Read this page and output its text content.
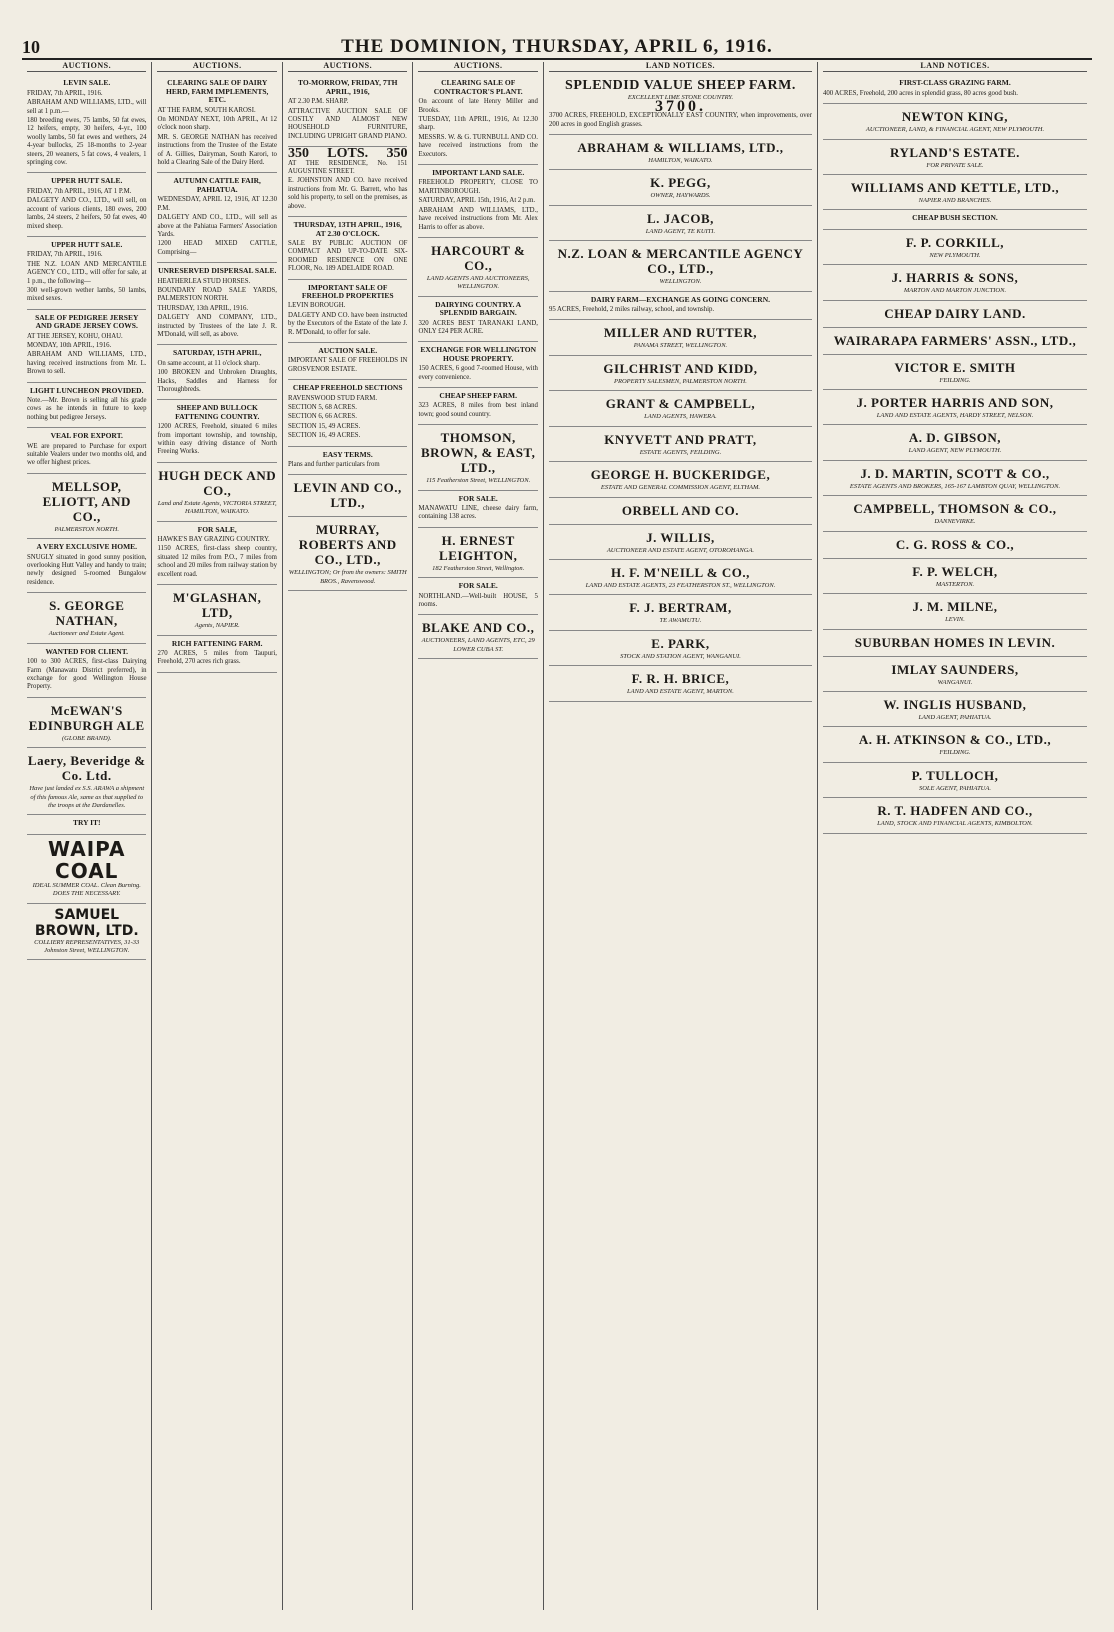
10	THE DOMINION, THURSDAY, APRIL 6, 1916.
AUCTIONS.
LEVIN SALE.
FRIDAY, 7th APRIL, 1916.
ABRAHAM AND WILLIAMS, LTD., will sell at 1 p.m.—
180 breeding ewes, 75 lambs, 50 fat ewes, 12 heifers, empty, 30 heifers, 4-yr., 100 woolly lambs, 50 fat ewes and wethers, 24 4-year bullocks, 25 18-months to 2-year steers, 20 weaners, 5 fat cows, 4 vealers, 1 springing cow.
UPPER HUTT SALE.
FRIDAY, 7th APRIL, 1916, AT 1 P.M.
DALGETY AND CO., LTD., will sell, on account of various clients, 180 ewes, 200 lambs, 24 steers, 2 heifers, 50 fat ewes, 40 mixed sheep.
UPPER HUTT SALE.
FRIDAY, 7th APRIL, 1916.
THE N.Z. LOAN AND MERCANTILE AGENCY CO., LTD., will offer for sale, at 1 p.m., the following—
300 well-grown wether lambs, 50 lambs, mixed sexes.
SALE OF PEDIGREE JERSEY AND GRADE JERSEY COWS.
AT THE JERSEY, KOHU, OHAU.
MONDAY, 10th APRIL, 1916.
ABRAHAM AND WILLIAMS, LTD., having received instructions from Mr. L. Brown to sell.
LIGHT LUNCHEON PROVIDED.
Note.—Mr. Brown is selling all his grade cows as he intends in future to keep nothing but pedigree Jerseys.
VEAL FOR EXPORT.
WE are prepared to Purchase for export suitable Vealers under two months old, and we offer highest prices.
MELLSOP, ELIOTT, AND CO.,
PALMERSTON NORTH.
A VERY EXCLUSIVE HOME.
SNUGLY situated in good sunny position, overlooking Hutt Valley and handy to train; newly designed 5-roomed Bungalow residence.
S. GEORGE NATHAN,
Auctioneer and Estate Agent.
WANTED FOR CLIENT.
100 to 300 ACRES, first-class Dairying Farm (Manawatu District preferred), in exchange for good Wellington House Property.
McEWAN'S EDINBURGH ALE
(GLOBE BRAND).
Laery, Beveridge & Co. Ltd.
Have just landed ex S.S. ARAWA a shipment of this famous Ale, same as that supplied to the troops at the Dardanelles.
TRY IT!
WAIPA COAL
IDEAL SUMMER COAL. Clean Burning. DOES THE NECESSARY.
SAMUEL BROWN, LTD.
COLLIERY REPRESENTATIVES, 31-33 Johnston Street, WELLINGTON.
AUCTIONS.
CLEARING SALE OF DAIRY HERD, FARM IMPLEMENTS, ETC.
AT THE FARM, SOUTH KAROSI.
On MONDAY NEXT, 10th APRIL, At 12 o'clock noon sharp.
MR. S. GEORGE NATHAN has received instructions from the Trustee of the Estate of A. Gillies, Dairyman, South Karori, to hold a Clearing Sale of the Dairy Herd.
AUTUMN CATTLE FAIR, PAHIATUA.
WEDNESDAY, APRIL 12, 1916, AT 12.30 P.M.
DALGETY AND CO., LTD., will sell as above at the Pahiatua Farmers' Association Yards.
1200 HEAD MIXED CATTLE, Comprising—
UNRESERVED DISPERSAL SALE.
HEATHERLEA STUD HORSES.
BOUNDARY ROAD SALE YARDS, PALMERSTON NORTH.
THURSDAY, 13th APRIL, 1916.
DALGETY AND COMPANY, LTD., instructed by Trustees of the late J. R. M'Donald, will sell, as above.
SATURDAY, 15TH APRIL,
On same account, at 11 o'clock sharp.
100 BROKEN and Unbroken Draughts, Hacks, Saddles and Harness for Thoroughbreds.
SHEEP AND BULLOCK FATTENING COUNTRY.
1200 ACRES, Freehold, situated 6 miles from important township, and township, within easy driving distance of North Freeing Works.
HUGH DECK AND CO.,
Land and Estate Agents, VICTORIA STREET, HAMILTON, WAIKATO.
FOR SALE,
HAWKE'S BAY GRAZING COUNTRY.
1150 ACRES, first-class sheep country, situated 12 miles from P.O., 7 miles from school and 20 miles from railway station by excellent road.
M'GLASHAN, LTD,
Agents, NAPIER.
RICH FATTENING FARM.
270 ACRES, 5 miles from Taupuri, Freehold, 270 acres rich grass.
AUCTIONS.
TO-MORROW, FRIDAY, 7TH APRIL, 1916,
AT 2.30 P.M. SHARP.
ATTRACTIVE AUCTION SALE OF COSTLY AND ALMOST NEW HOUSEHOLD FURNITURE, INCLUDING UPRIGHT GRAND PIANO.
350 LOTS. 350
AT THE RESIDENCE, No. 151 AUGUSTINE STREET.
E. JOHNSTON AND CO. have received instructions from Mr. G. Barrett, who has sold his property, to sell on the premises, as above.
THURSDAY, 13TH APRIL, 1916, AT 2.30 O'CLOCK.
SALE BY PUBLIC AUCTION OF COMPACT AND UP-TO-DATE SIX-ROOMED RESIDENCE ON ONE FLOOR, No. 189 ADELAIDE ROAD.
IMPORTANT SALE OF FREEHOLD PROPERTIES
LEVIN BOROUGH.
DALGETY AND CO. have been instructed by the Executors of the Estate of the late J. R. M'Donald, to offer for sale.
AUCTION SALE.
IMPORTANT SALE OF FREEHOLDS IN GROSVENOR ESTATE.
CHEAP FREEHOLD SECTIONS
RAVENSWOOD STUD FARM.
SECTION 5, 68 ACRES.
SECTION 6, 66 ACRES.
SECTION 15, 49 ACRES.
SECTION 16, 49 ACRES.
EASY TERMS.
Plans and further particulars from
LEVIN AND CO., LTD.,
MURRAY, ROBERTS AND CO., LTD.,
WELLINGTON; Or from the owners: SMITH BROS., Ravenswood.
AUCTIONS.
CLEARING SALE OF CONTRACTOR'S PLANT.
On account of late Henry Miller and Brooks.
TUESDAY, 11th APRIL, 1916, At 12.30 sharp.
MESSRS. W. & G. TURNBULL AND CO. have received instructions from the Executors.
IMPORTANT LAND SALE.
FREEHOLD PROPERTY, CLOSE TO MARTINBOROUGH.
SATURDAY, APRIL 15th, 1916, At 2 p.m.
ABRAHAM AND WILLIAMS, LTD., have received instructions from Mr. Alex Harris to offer as above.
HARCOURT & CO.,
LAND AGENTS AND AUCTIONEERS, WELLINGTON.
DAIRYING COUNTRY. A SPLENDID BARGAIN.
320 ACRES BEST TARANAKI LAND, ONLY £24 PER ACRE.
EXCHANGE FOR WELLINGTON HOUSE PROPERTY.
150 ACRES, 6 good 7-roomed House, with every convenience.
CHEAP SHEEP FARM.
323 ACRES, 8 miles from best inland town; good sound country.
THOMSON, BROWN, & EAST, LTD.,
115 Featherston Street, WELLINGTON.
FOR SALE.
MANAWATU LINE, cheese dairy farm, containing 138 acres.
H. ERNEST LEIGHTON,
182 Featherston Street, Wellington.
FOR SALE.
NORTHLAND.—Well-built HOUSE, 5 rooms.
BLAKE AND CO.,
AUCTIONEERS, LAND AGENTS, ETC, 29 LOWER CUBA ST.
LAND NOTICES.
SPLENDID VALUE SHEEP FARM.
EXCELLENT LIME STONE COUNTRY.
3700.
3700 ACRES, FREEHOLD, EXCEPTIONALLY EAST COUNTRY, when improvements, over 200 acres in good English grasses.
ABRAHAM & WILLIAMS, LTD.,
HAMILTON, WAIKATO.
K. PEGG,
OWNER, HAYWARDS.
L. JACOB,
LAND AGENT, TE KUITI.
N.Z. LOAN & MERCANTILE AGENCY CO., LTD.,
WELLINGTON.
DAIRY FARM—EXCHANGE AS GOING CONCERN.
95 ACRES, Freehold, 2 miles railway, school, and township.
MILLER AND RUTTER,
PANAMA STREET, WELLINGTON.
GILCHRIST AND KIDD,
PROPERTY SALESMEN, PALMERSTON NORTH.
GRANT & CAMPBELL,
LAND AGENTS, HAWERA.
KNYVETT AND PRATT,
ESTATE AGENTS, FEILDING.
GEORGE H. BUCKERIDGE,
ESTATE AND GENERAL COMMISSION AGENT, ELTHAM.
ORBELL AND CO.
J. WILLIS,
AUCTIONEER AND ESTATE AGENT, OTOROHANGA.
H. F. M'NEILL & CO.,
LAND AND ESTATE AGENTS, 23 FEATHERSTON ST., WELLINGTON.
F. J. BERTRAM,
TE AWAMUTU.
E. PARK,
STOCK AND STATION AGENT, WANGANUI.
F. R. H. BRICE,
LAND AND ESTATE AGENT, MARTON.
LAND NOTICES.
FIRST-CLASS GRAZING FARM.
400 ACRES, Freehold, 200 acres in splendid grass, 80 acres good bush.
NEWTON KING,
AUCTIONEER, LAND, & FINANCIAL AGENT, NEW PLYMOUTH.
RYLAND'S ESTATE.
FOR PRIVATE SALE.
WILLIAMS AND KETTLE, LTD.,
NAPIER AND BRANCHES.
CHEAP BUSH SECTION.
F. P. CORKILL,
NEW PLYMOUTH.
J. HARRIS & SONS,
MARTON AND MARTON JUNCTION.
CHEAP DAIRY LAND.
WAIRARAPA FARMERS' ASSN., LTD.,
VICTOR E. SMITH
FEILDING.
J. PORTER HARRIS AND SON,
LAND AND ESTATE AGENTS, HARDY STREET, NELSON.
A. D. GIBSON,
LAND AGENT, NEW PLYMOUTH.
J. D. MARTIN, SCOTT & CO.,
ESTATE AGENTS AND BROKERS, 165-167 LAMBTON QUAY, WELLINGTON.
CAMPBELL, THOMSON & CO.,
DANNEVIRKE.
C. G. ROSS & CO.,
F. P. WELCH,
MASTERTON.
J. M. MILNE,
LEVIN.
SUBURBAN HOMES IN LEVIN.
IMLAY SAUNDERS,
WANGANUI.
W. INGLIS HUSBAND,
LAND AGENT, PAHIATUA.
A. H. ATKINSON & CO., LTD.,
FEILDING.
P. TULLOCH,
SOLE AGENT, PAHIATUA.
R. T. HADFEN AND CO.,
LAND, STOCK AND FINANCIAL AGENTS, KIMBOLTON.
